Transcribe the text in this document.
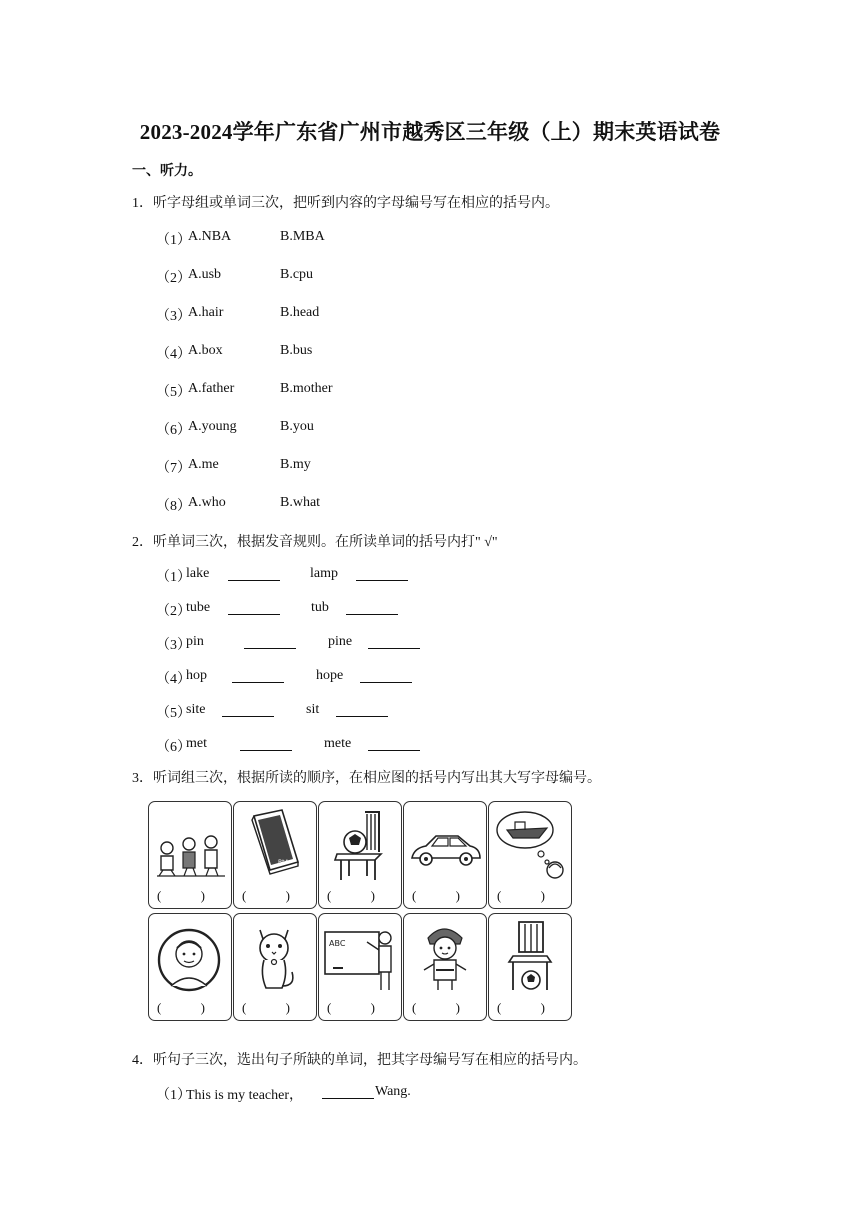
2023-2024学年广东省广州市越秀区三年级（上）期末英语试卷
一、听力。
1．听字母组或单词三次，把听到内容的字母编号写在相应的括号内。
（1）
A.NBA	B.MBA
（2）
A.usb	B.cpu
（3）
A.hair	B.head
（4）
A.box	B.bus
（5）
A.father	B.mother
（6）
A.young	B.you
（7）
A.me	B.my
（8）
A.who	B.what
2．听单词三次，根据发音规则。在所读单词的括号内打" √"
（1）
lake	lamp
（2）
tube	tub
（3）
pin	pine
（4）
hop	hope
（5）
site	sit
（6）
met	mete
3．听词组三次，根据所读的顺序，在相应图的括号内写出其大写字母编号。
( )
Bt4
( )	( )	( )	( )
( )	( )
ABC
( )	( )	( )
4．听句子三次，选出句子所缺的单词，把其字母编号写在相应的括号内。
（1）
This is my teacher，	Wang.
